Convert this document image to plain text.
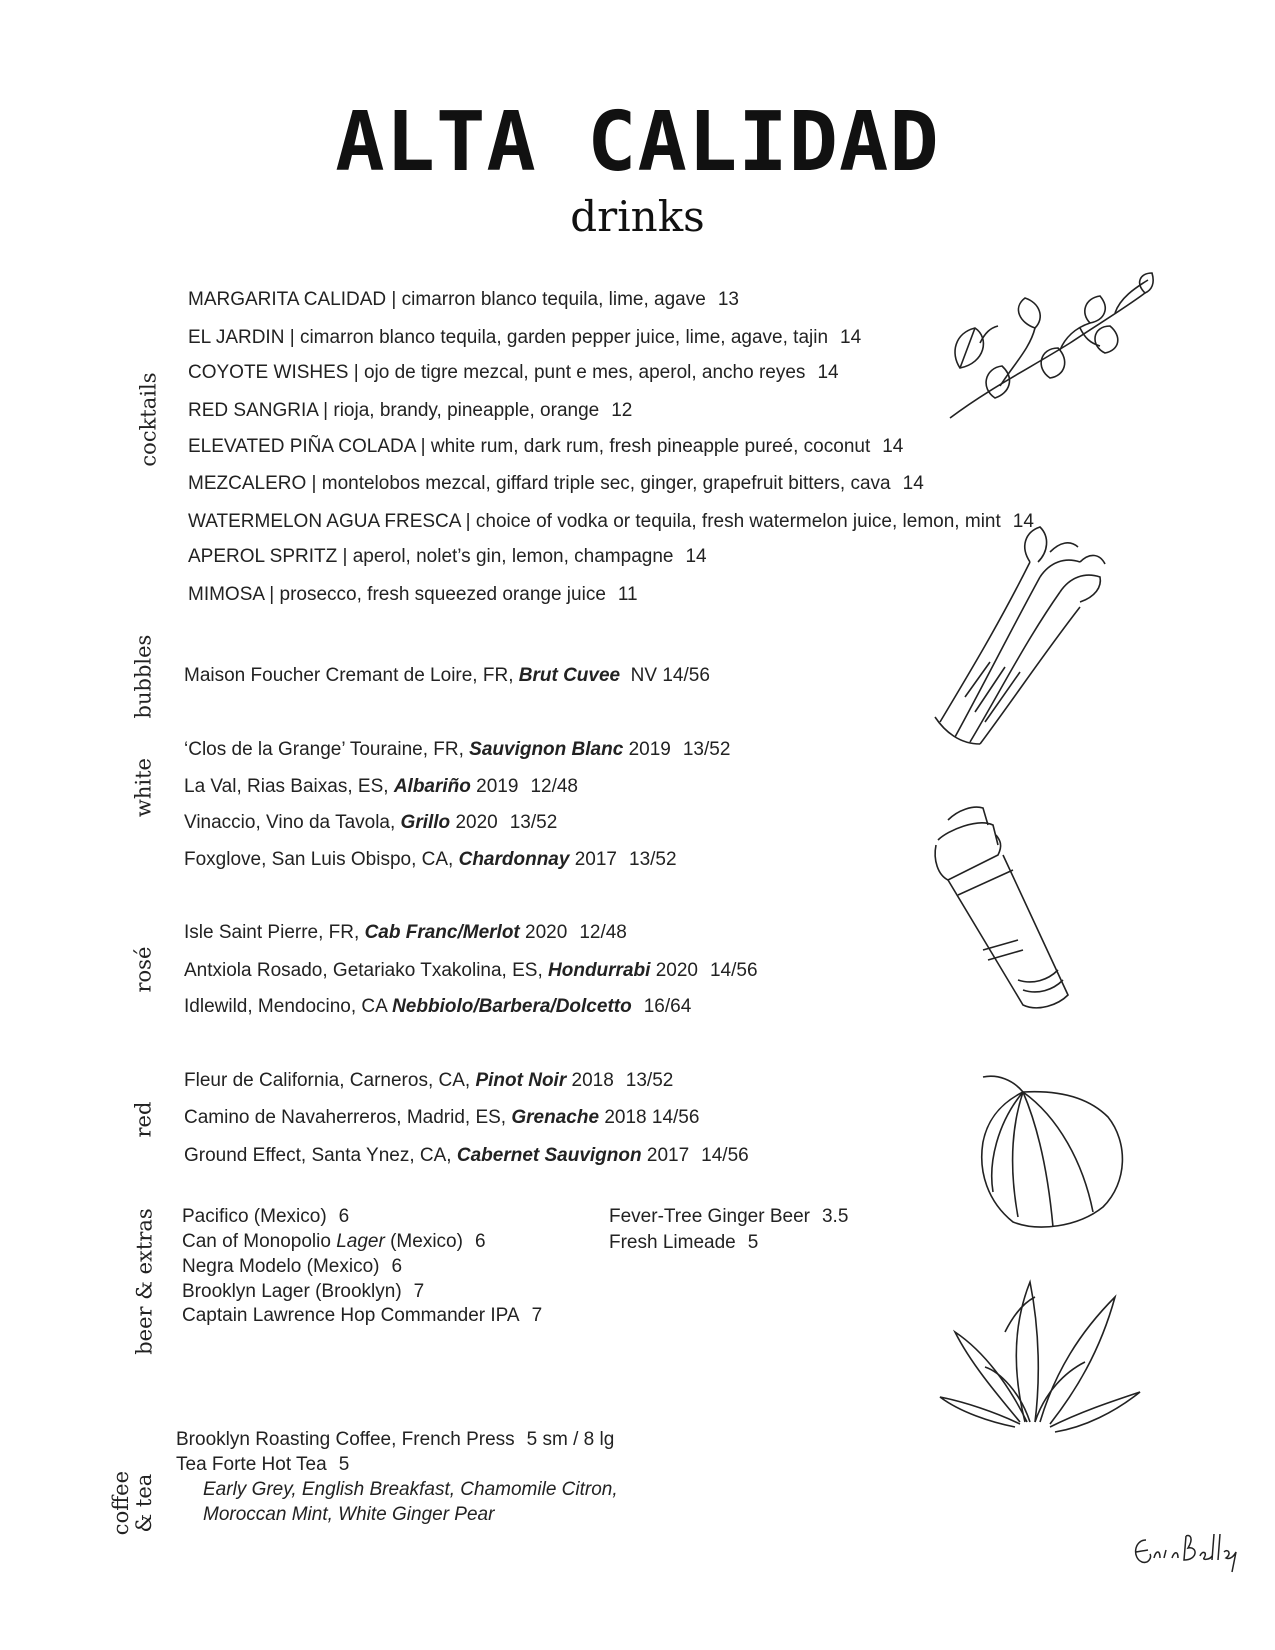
ALTA CALIDAD
drinks
cocktails
bubbles
white
rosé
red
beer & extras
coffee & tea
MARGARITA CALIDAD | cimarron blanco tequila, lime, agave 13
EL JARDIN | cimarron blanco tequila, garden pepper juice, lime, agave, tajin 14
COYOTE WISHES | ojo de tigre mezcal, punt e mes, aperol, ancho reyes 14
RED SANGRIA | rioja, brandy, pineapple, orange 12
ELEVATED PIÑA COLADA | white rum, dark rum, fresh pineapple pureé, coconut 14
MEZCALERO | montelobos mezcal, giffard triple sec, ginger, grapefruit bitters, cava 14
WATERMELON AGUA FRESCA | choice of vodka or tequila, fresh watermelon juice, lemon, mint 14
APEROL SPRITZ | aperol, nolet’s gin, lemon, champagne 14
MIMOSA | prosecco, fresh squeezed orange juice 11
Maison Foucher Cremant de Loire, FR, Brut Cuvee NV 14/56
‘Clos de la Grange’ Touraine, FR, Sauvignon Blanc 2019 13/52
La Val, Rias Baixas, ES, Albariño 2019 12/48
Vinaccio, Vino da Tavola, Grillo 2020 13/52
Foxglove, San Luis Obispo, CA, Chardonnay 2017 13/52
Isle Saint Pierre, FR, Cab Franc/Merlot 2020 12/48
Antxiola Rosado, Getariako Txakolina, ES, Hondurrabi 2020 14/56
Idlewild, Mendocino, CA Nebbiolo/Barbera/Dolcetto 16/64
Fleur de California, Carneros, CA, Pinot Noir 2018 13/52
Camino de Navaherreros, Madrid, ES, Grenache 2018 14/56
Ground Effect, Santa Ynez, CA, Cabernet Sauvignon 2017 14/56
Pacifico (Mexico) 6
Can of Monopolio Lager (Mexico) 6
Negra Modelo (Mexico) 6
Brooklyn Lager (Brooklyn) 7
Captain Lawrence Hop Commander IPA 7
Fever-Tree Ginger Beer 3.5
Fresh Limeade 5
Brooklyn Roasting Coffee, French Press 5 sm / 8 lg
Tea Forte Hot Tea 5
Early Grey, English Breakfast, Chamomile Citron,
Moroccan Mint, White Ginger Pear
